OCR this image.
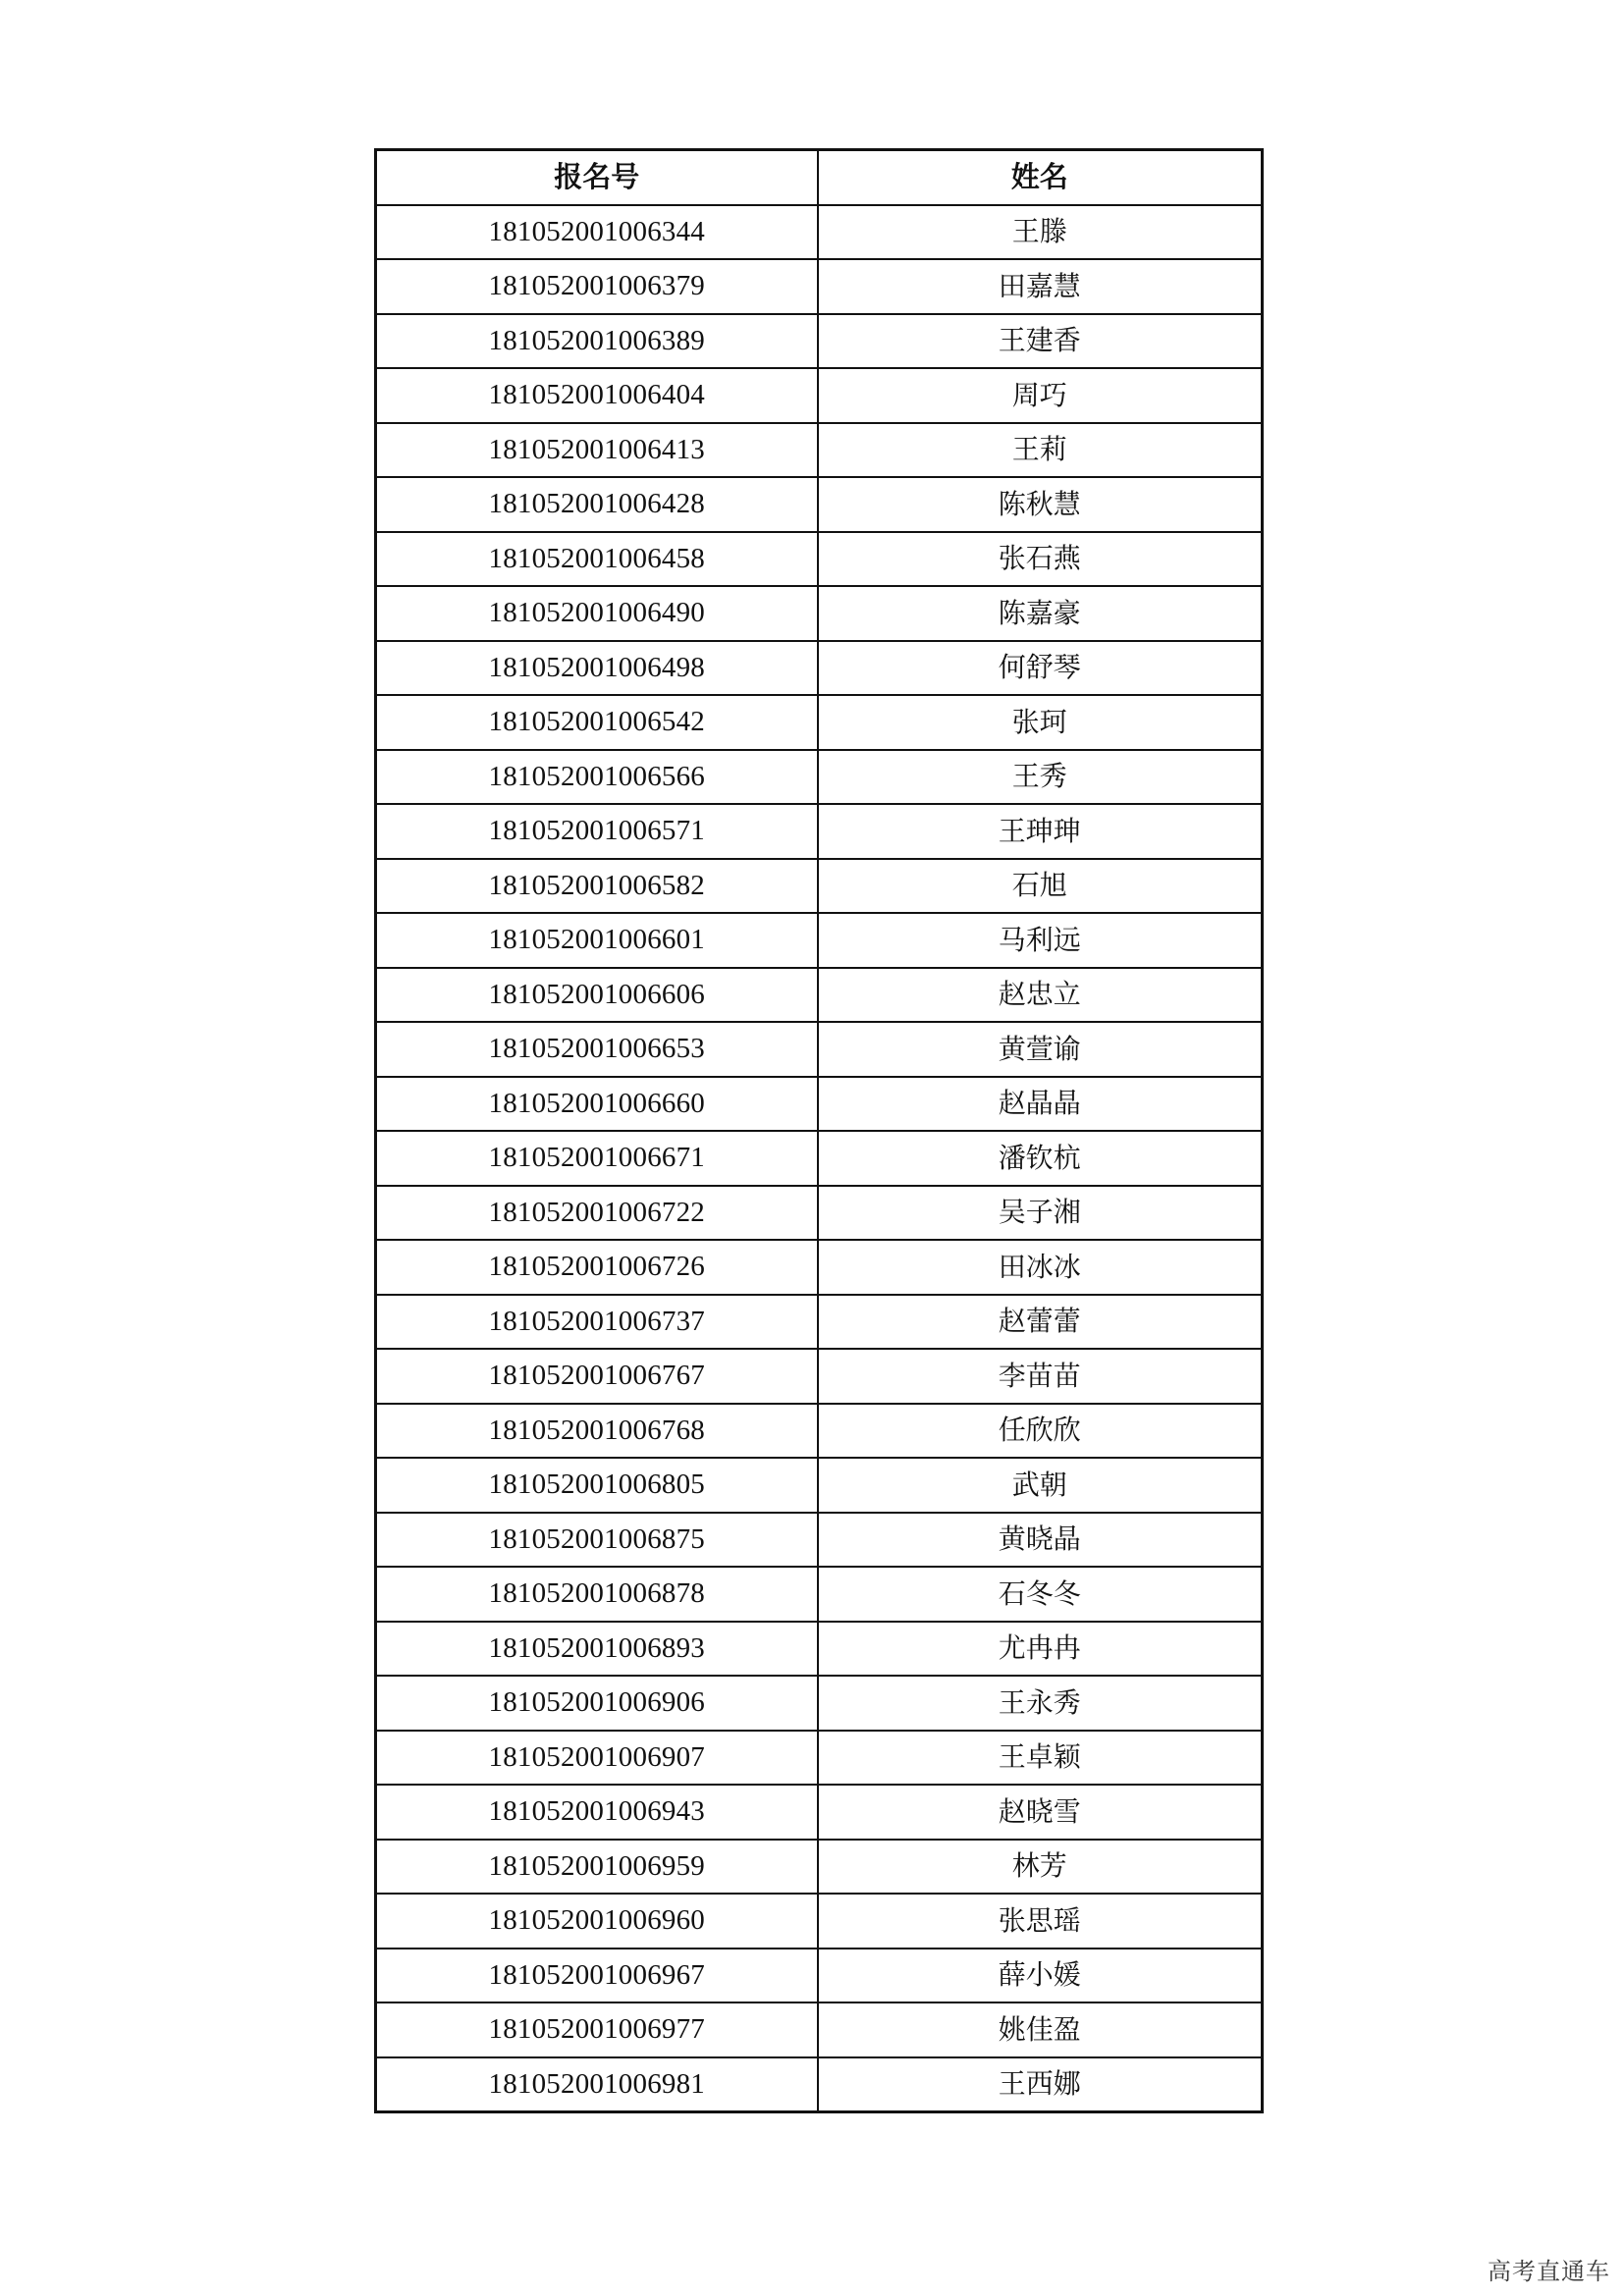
报名号	姓名
181052001006344	王滕
181052001006379	田嘉慧
181052001006389	王建香
181052001006404	周巧
181052001006413	王莉
181052001006428	陈秋慧
181052001006458	张石燕
181052001006490	陈嘉豪
181052001006498	何舒琴
181052001006542	张珂
181052001006566	王秀
181052001006571	王珅珅
181052001006582	石旭
181052001006601	马利远
181052001006606	赵忠立
181052001006653	黄萱谕
181052001006660	赵晶晶
181052001006671	潘钦杭
181052001006722	吴子湘
181052001006726	田冰冰
181052001006737	赵蕾蕾
181052001006767	李苗苗
181052001006768	任欣欣
181052001006805	武朝
181052001006875	黄晓晶
181052001006878	石冬冬
181052001006893	尤冉冉
181052001006906	王永秀
181052001006907	王卓颖
181052001006943	赵晓雪
181052001006959	林芳
181052001006960	张思瑶
181052001006967	薛小媛
181052001006977	姚佳盈
181052001006981	王西娜
高考直通车
